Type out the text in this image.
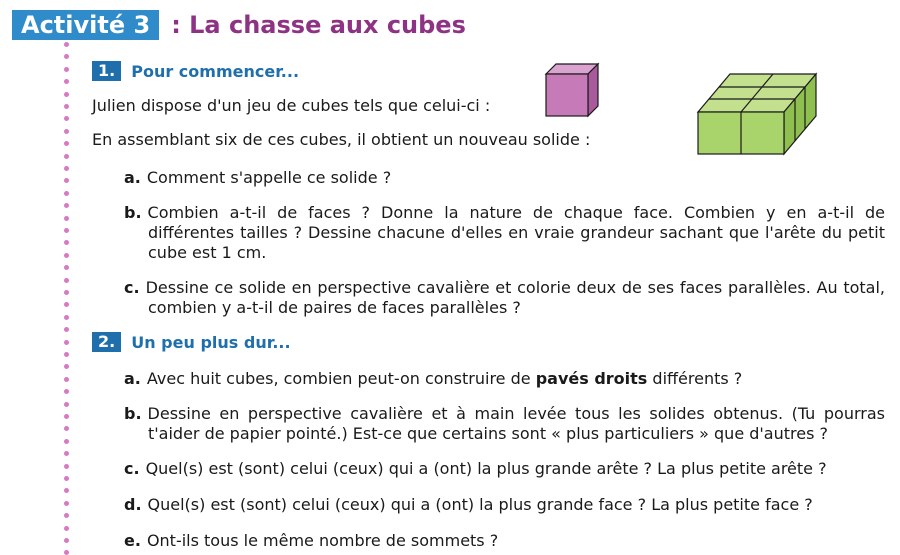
Activité 3 : La chasse aux cubes
1.	Pour commencer...
Julien dispose d'un jeu de cubes tels que celui-ci :
En assemblant six de ces cubes, il obtient un nouveau solide :
a. Comment s'appelle ce solide ?
b. Combien a-t-il de faces ? Donne la nature de chaque face. Combien y en a-t-il de différentes tailles ? Dessine chacune d'elles en vraie grandeur sachant que l'arête du petit cube est 1 cm.
c. Dessine ce solide en perspective cavalière et colorie deux de ses faces parallèles. Au total, combien y a-t-il de paires de faces parallèles ?
2.	Un peu plus dur...
a. Avec huit cubes, combien peut-on construire de pavés droits différents ?
b. Dessine en perspective cavalière et à main levée tous les solides obtenus. (Tu pourras t'aider de papier pointé.) Est-ce que certains sont « plus particuliers » que d'autres ?
c. Quel(s) est (sont) celui (ceux) qui a (ont) la plus grande arête ? La plus petite arête ?
d. Quel(s) est (sont) celui (ceux) qui a (ont) la plus grande face ? La plus petite face ?
e. Ont-ils tous le même nombre de sommets ?
